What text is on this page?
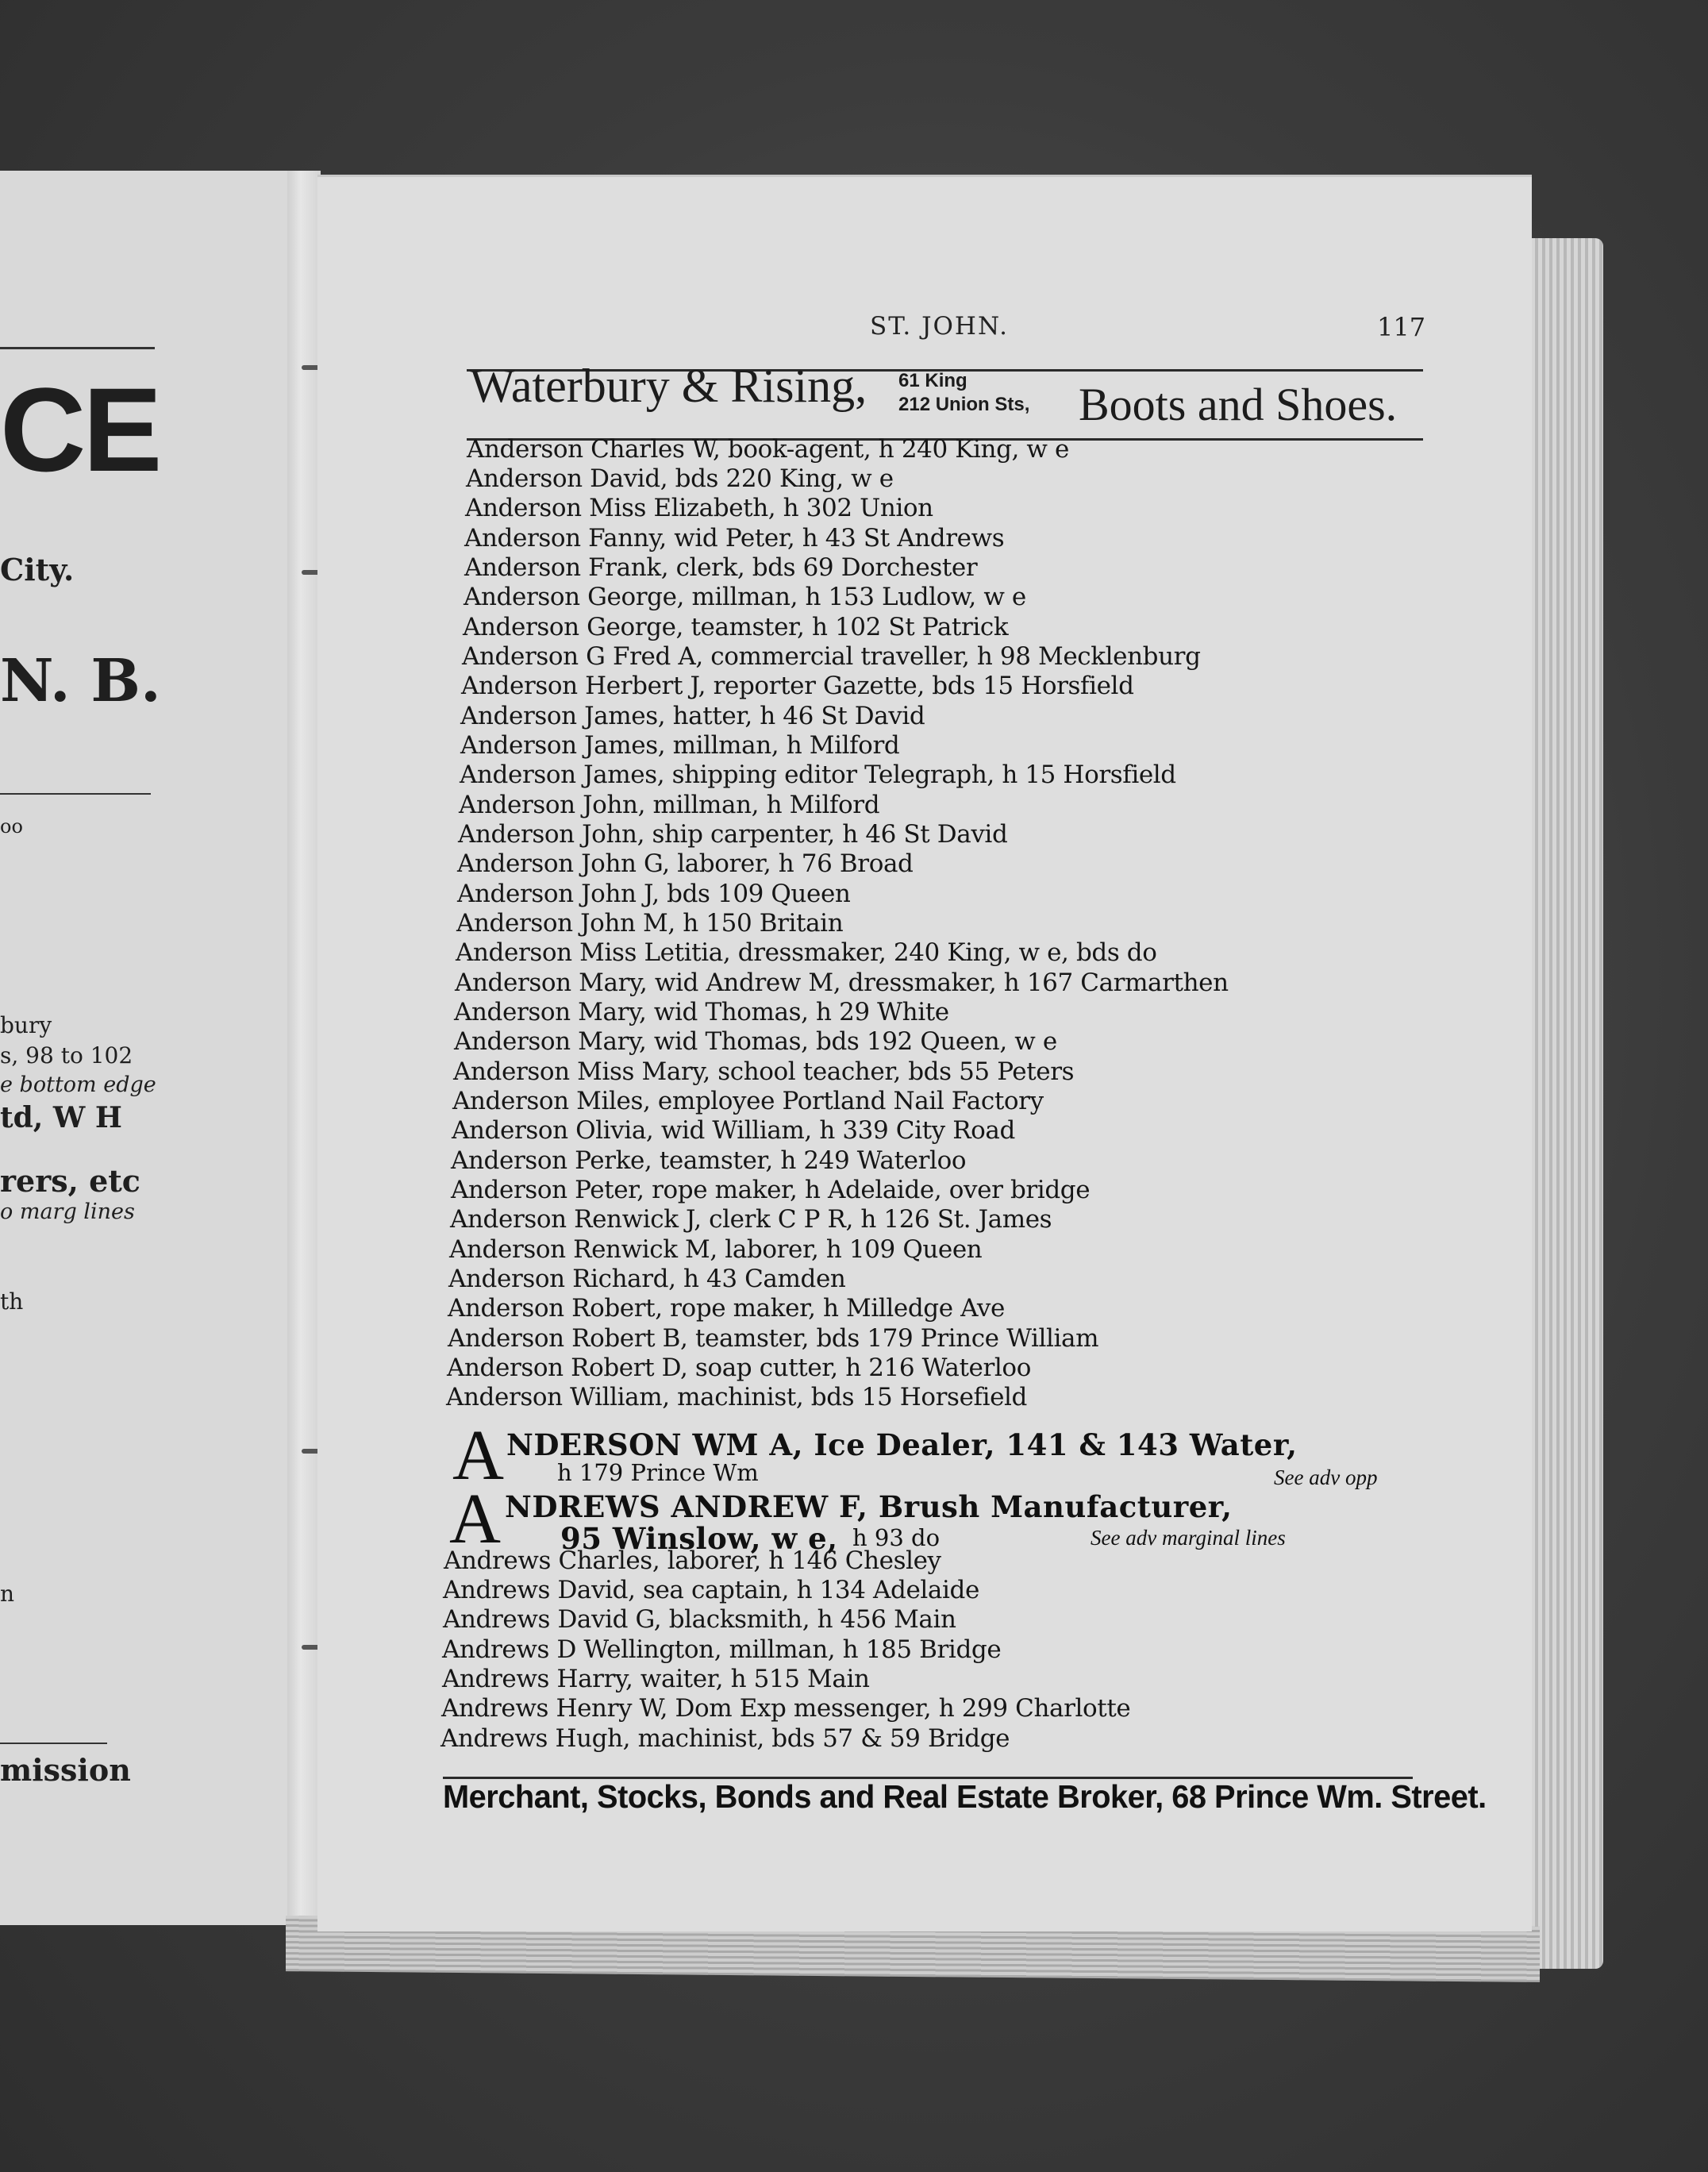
CE
City.
N. B.
oo
bury
s, 98 to 102
e bottom edge
td, W H
rers, etc
o marg lines
th
n
mission
ST. JOHN.	117
Waterbury & Rising, 61 King
212 Union Sts, Boots and Shoes.
Anderson Charles W, book-agent, h 240 King, w e
Anderson David, bds 220 King, w e
Anderson Miss Elizabeth, h 302 Union
Anderson Fanny, wid Peter, h 43 St Andrews
Anderson Frank, clerk, bds 69 Dorchester
Anderson George, millman, h 153 Ludlow, w e
Anderson George, teamster, h 102 St Patrick
Anderson G Fred A, commercial traveller, h 98 Mecklenburg
Anderson Herbert J, reporter Gazette, bds 15 Horsfield
Anderson James, hatter, h 46 St David
Anderson James, millman, h Milford
Anderson James, shipping editor Telegraph, h 15 Horsfield
Anderson John, millman, h Milford
Anderson John, ship carpenter, h 46 St David
Anderson John G, laborer, h 76 Broad
Anderson John J, bds 109 Queen
Anderson John M, h 150 Britain
Anderson Miss Letitia, dressmaker, 240 King, w e, bds do
Anderson Mary, wid Andrew M, dressmaker, h 167 Carmarthen
Anderson Mary, wid Thomas, h 29 White
Anderson Mary, wid Thomas, bds 192 Queen, w e
Anderson Miss Mary, school teacher, bds 55 Peters
Anderson Miles, employee Portland Nail Factory
Anderson Olivia, wid William, h 339 City Road
Anderson Perke, teamster, h 249 Waterloo
Anderson Peter, rope maker, h Adelaide, over bridge
Anderson Renwick J, clerk C P R, h 126 St. James
Anderson Renwick M, laborer, h 109 Queen
Anderson Richard, h 43 Camden
Anderson Robert, rope maker, h Milledge Ave
Anderson Robert B, teamster, bds 179 Prince William
Anderson Robert D, soap cutter, h 216 Waterloo
Anderson William, machinist, bds 15 Horsefield
A NDERSON WM A, Ice Dealer, 141 & 143 Water,
h 179 Prince Wm	See adv opp
A NDREWS ANDREW F, Brush Manufacturer,
95 Winslow, w e, h 93 do	See adv marginal lines
Andrews Charles, laborer, h 146 Chesley
Andrews David, sea captain, h 134 Adelaide
Andrews David G, blacksmith, h 456 Main
Andrews D Wellington, millman, h 185 Bridge
Andrews Harry, waiter, h 515 Main
Andrews Henry W, Dom Exp messenger, h 299 Charlotte
Andrews Hugh, machinist, bds 57 & 59 Bridge
Merchant, Stocks, Bonds and Real Estate Broker, 68 Prince Wm. Street.
